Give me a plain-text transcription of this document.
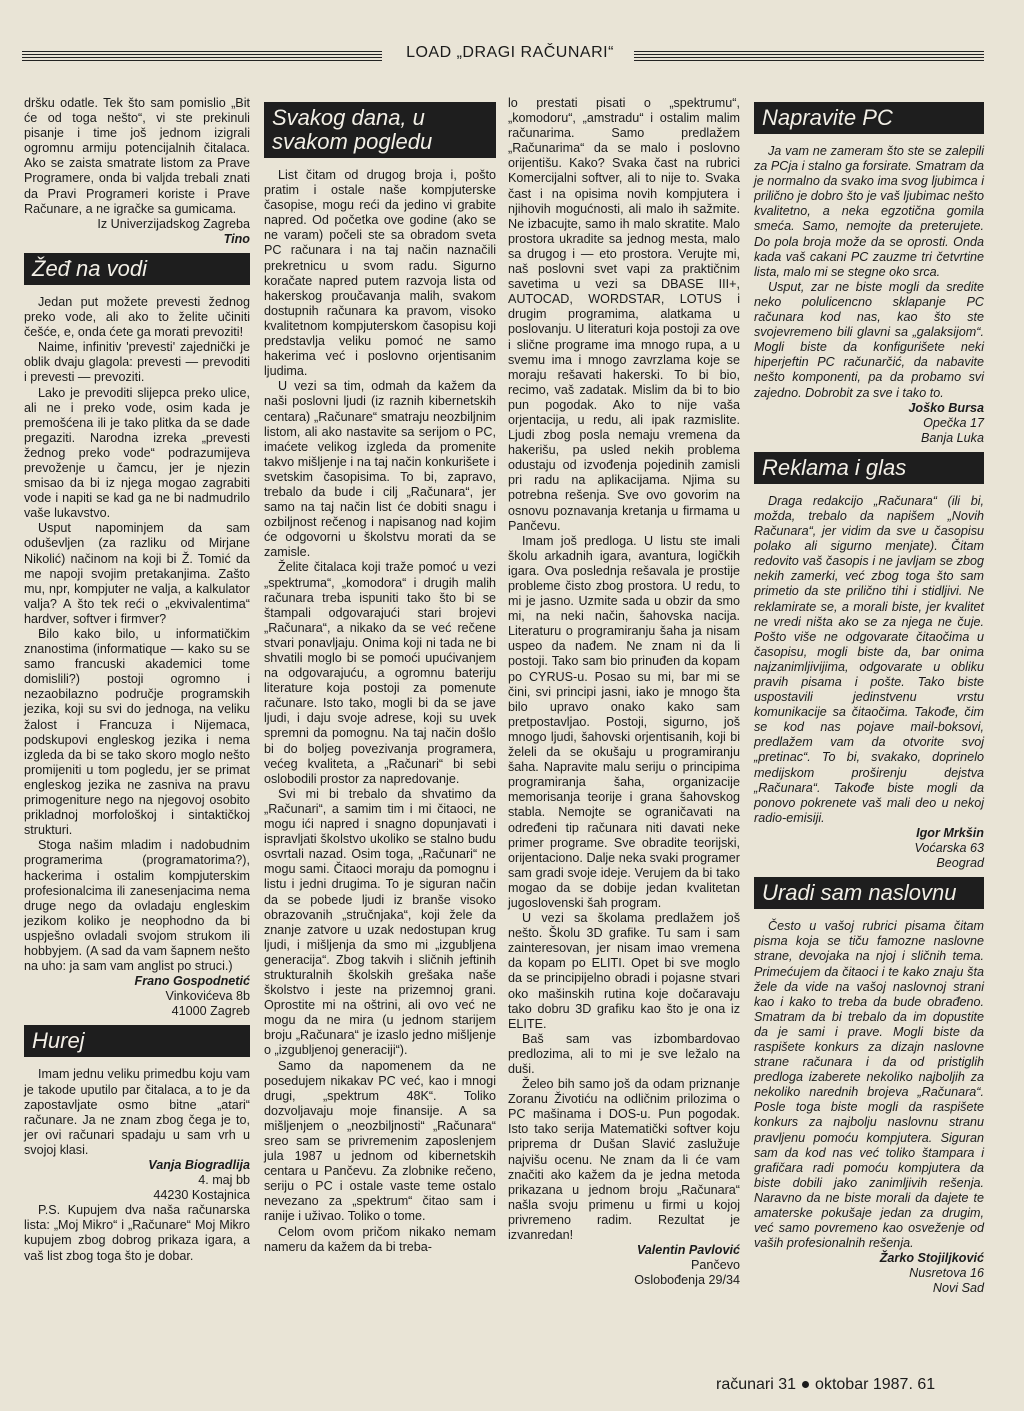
LOAD „DRAGI RAČUNARI“

dršku odatle. Tek što sam pomislio „Bit će od toga nešto“, vi ste prekinuli pisanje i time još jednom izigrali ogromnu armiju potencijalnih čitalaca. Ako se zaista smatrate listom za Prave Programere, onda bi valjda trebali znati da Pravi Programeri koriste i Prave Računare, a ne igračke sa gumicama.

Iz Univerzijadskog Zagreba

Tino

Žeđ na vodi

Jedan put možete prevesti žednog preko vode, ali ako to želite učiniti češće, e, onda ćete ga morati prevoziti!

Naime, infinitiv 'prevesti' zajednički je oblik dvaju glagola: prevesti — prevoditi i prevesti — prevoziti.

Lako je prevoditi slijepca preko ulice, ali ne i preko vode, osim kada je premošćena ili je tako plitka da se dade pregaziti. Narodna izreka „prevesti žednog preko vode“ podrazumijeva prevoženje u čamcu, jer je njezin smisao da bi iz njega mogao zagrabiti vode i napiti se kad ga ne bi nadmudrilo vaše lukavstvo.

Usput napominjem da sam oduševljen (za razliku od Mirjane Nikolić) načinom na koji bi Ž. Tomić da me napoji svojim pretakanjima. Zašto mu, npr, kompjuter ne valja, a kalkulator valja? A što tek reći o „ekvivalentima“ hardver, softver i firmver?

Bilo kako bilo, u informatičkim znanostima (informatique — kako su se samo francuski akademici tome domislili?) postoji ogromno i nezaobilazno područje programskih jezika, koji su svi do jednoga, na veliku žalost i Francuza i Nijemaca, podskupovi engleskog jezika i nema izgleda da bi se tako skoro moglo nešto promijeniti u tom pogledu, jer se primat engleskog jezika ne zasniva na pravu primogeniture nego na njegovoj osobito prikladnoj morfološkoj i sintaktičkoj strukturi.

Stoga našim mladim i nadobudnim programerima (programatorima?), hackerima i ostalim kompjuterskim profesionalcima ili zanesenjacima nema druge nego da ovladaju engleskim jezikom koliko je neophodno da bi uspješno ovladali svojom strukom ili hobbyjem. (A sad da vam šapnem nešto na uho: ja sam vam anglist po struci.)

Frano Gospodnetić

Vinkovićeva 8b

41000 Zagreb

Hurej

Imam jednu veliku primedbu koju vam je takode uputilo par čitalaca, a to je da zapostavljate osmo bitne „atari“ računare. Ja ne znam zbog čega je to, jer ovi računari spadaju u sam vrh u svojoj klasi.

Vanja Biogradlija

4. maj bb

44230 Kostajnica

P.S. Kupujem dva naša računarska lista: „Moj Mikro“ i „Računare“ Moj Mikro kupujem zbog dobrog prikaza igara, a vaš list zbog toga što je dobar.

Svakog dana, u svakom pogledu

List čitam od drugog broja i, pošto pratim i ostale naše kompjuterske časopise, mogu reći da jedino vi grabite napred. Od početka ove godine (ako se ne varam) počeli ste sa obradom sveta PC računara i na taj način naznačili prekretnicu u svom radu. Sigurno koračate napred putem razvoja lista od hakerskog proučavanja malih, svakom dostupnih računara ka pravom, visoko kvalitetnom kompjuterskom časopisu koji predstavlja veliku pomoć ne samo hakerima već i poslovno orjentisanim ljudima.

U vezi sa tim, odmah da kažem da naši poslovni ljudi (iz raznih kibernetskih centara) „Računare“ smatraju neozbiljnim listom, ali ako nastavite sa serijom o PC, imaćete velikog izgleda da promenite takvo mišljenje i na taj način konkurišete i svetskim časopisima. To bi, zapravo, trebalo da bude i cilj „Računara“, jer samo na taj način list će dobiti snagu i ozbiljnost rečenog i napisanog nad kojim će odgovorni u školstvu morati da se zamisle.

Želite čitalaca koji traže pomoć u vezi „spektruma“, „komodora“ i drugih malih računara treba ispuniti tako što bi se štampali odgovarajući stari brojevi „Računara“, a nikako da se već rečene stvari ponavljaju. Onima koji ni tada ne bi shvatili moglo bi se pomoći upućivanjem na odgovarajuću, a ogromnu bateriju literature koja postoji za pomenute računare. Isto tako, mogli bi da se jave ljudi, i daju svoje adrese, koji su uvek spremni da pomognu. Na taj način došlo bi do boljeg povezivanja programera, većeg kvaliteta, a „Računari“ bi sebi oslobodili prostor za napredovanje.

Svi mi bi trebalo da shvatimo da „Računari“, a samim tim i mi čitaoci, ne mogu ići napred i snagno dopunjavati i ispravljati školstvo ukoliko se stalno budu osvrtali nazad. Osim toga, „Računari“ ne mogu sami. Čitaoci moraju da pomognu i listu i jedni drugima. To je siguran način da se pobede ljudi iz branše visoko obrazovanih „stručnjaka“, koji žele da znanje zatvore u uzak nedostupan krug ljudi, i mišljenja da smo mi „izgubljena generacija“. Zbog takvih i sličnih jeftinih strukturalnih školskih grešaka naše školstvo i jeste na prizemnoj grani. Oprostite mi na oštrini, ali ovo već ne mogu da ne mira (u jednom starijem broju „Računara“ je izaslo jedno mišljenje o „izgubljenoj generaciji“).

Samo da napomenem da ne posedujem nikakav PC već, kao i mnogi drugi, „spektrum 48K“. Toliko dozvoljavaju moje finansije. A sa mišljenjem o „neozbiljnosti“ „Računara“ sreo sam se privremenim zaposlenjem jula 1987 u jednom od kibernetskih centara u Pančevu. Za zlobnike rečeno, seriju o PC i ostale vaste teme ostalo nevezano za „spektrum“ čitao sam i ranije i uživao. Toliko o tome.

Celom ovom pričom nikako nemam nameru da kažem da bi treba-

lo prestati pisati o „spektrumu“, „komodoru“, „amstradu“ i ostalim malim računarima. Samo predlažem „Računarima“ da se malo i poslovno orijentišu. Kako? Svaka čast na rubrici Komercijalni softver, ali to nije to. Svaka čast i na opisima novih kompjutera i njihovih mogućnosti, ali malo ih sažmite. Ne izbacujte, samo ih malo skratite. Malo prostora ukradite sa jednog mesta, malo sa drugog i — eto prostora. Verujte mi, naš poslovni svet vapi za praktičnim savetima u vezi sa DBASE III+, AUTOCAD, WORDSTAR, LOTUS i drugim programima, alatkama u poslovanju. U literaturi koja postoji za ove i slične programe ima mnogo rupa, a u svemu ima i mnogo zavrzlama koje se moraju rešavati hakerski. To bi bio, recimo, vaš zadatak. Mislim da bi to bio pun pogodak. Ako to nije vaša orjentacija, u redu, ali ipak razmislite. Ljudi zbog posla nemaju vremena da hakerišu, pa usled nekih problema odustaju od izvođenja pojedinih zamisli pri radu na aplikacijama. Njima su potrebna rešenja. Sve ovo govorim na osnovu poznavanja kretanja u firmama u Pančevu.

Imam još predloga. U listu ste imali školu arkadnih igara, avantura, logičkih igara. Ova poslednja rešavala je prostije probleme čisto zbog prostora. U redu, to mi je jasno. Uzmite sada u obzir da smo mi, na neki način, šahovska nacija. Literaturu o programiranju šaha ja nisam uspeo da nađem. Ne znam ni da li postoji. Tako sam bio prinuđen da kopam po CYRUS-u. Posao su mi, bar mi se čini, svi principi jasni, iako je mnogo šta bilo upravo onako kako sam pretpostavljao. Postoji, sigurno, još mnogo ljudi, šahovski orjentisanih, koji bi želeli da se okušaju u programiranju šaha. Napravite malu seriju o principima programiranja šaha, organizacije memorisanja teorije i grana šahovskog stabla. Nemojte se ograničavati na određeni tip računara niti davati neke primer programe. Sve obradite teorijski, orijentaciono. Dalje neka svaki programer sam gradi svoje ideje. Verujem da bi tako mogao da se dobije jedan kvalitetan jugoslovenski šah program.

U vezi sa školama predlažem još nešto. Školu 3D grafike. Tu sam i sam zainteresovan, jer nisam imao vremena da kopam po ELITI. Opet bi sve moglo da se principijelno obradi i pojasne stvari oko mašinskih rutina koje dočaravaju tako dobru 3D grafiku kao što je ona iz ELITE.

Baš sam vas izbombardovao predlozima, ali to mi je sve ležalo na duši.

Želeo bih samo još da odam priznanje Zoranu Životiću na odličnim prilozima o PC mašinama i DOS-u. Pun pogodak. Isto tako serija Matematički softver koju priprema dr Dušan Slavić zaslužuje najvišu ocenu. Ne znam da li će vam značiti ako kažem da je jedna metoda prikazana u jednom broju „Računara“ našla svoju primenu u firmi u kojoj privremeno radim. Rezultat je izvanredan!

Valentin Pavlović

Pančevo

Oslobođenja 29/34

Napravite PC

Ja vam ne zameram što ste se zalepili za PCja i stalno ga forsirate. Smatram da je normalno da svako ima svog ljubimca i prilično je dobro što je vaš ljubimac nešto kvalitetno, a neka egzotična gomila smeća. Samo, nemojte da preterujete. Do pola broja može da se oprosti. Onda kada vaš cakani PC zauzme tri četvrtine lista, malo mi se stegne oko srca.

Usput, zar ne biste mogli da sredite neko polulicencno sklapanje PC računara kod nas, kao što ste svojevremeno bili glavni sa „galaksijom“. Mogli biste da konfigurišete neki hiperjeftin PC računarčić, da nabavite nešto komponenti, pa da probamo svi zajedno. Dobrobit za sve i tako to.

Joško Bursa

Opečka 17

Banja Luka

Reklama i glas

Draga redakcijo „Računara“ (ili bi, možda, trebalo da napišem „Novih Računara“, jer vidim da sve u časopisu polako ali sigurno menjate). Čitam redovito vaš časopis i ne javljam se zbog nekih zamerki, već zbog toga što sam primetio da ste prilično tihi i stidljivi. Ne reklamirate se, a morali biste, jer kvalitet ne vredi ništa ako se za njega ne čuje. Pošto više ne odgovarate čitaočima u časopisu, mogli biste da, bar onima najzanimljivijima, odgovarate u obliku pravih pisama i pošte. Tako biste uspostavili jedinstvenu vrstu komunikacije sa čitaočima. Takođe, čim se kod nas pojave mail-boksovi, predlažem vam da otvorite svoj „pretinac“. To bi, svakako, doprinelo medijskom proširenju dejstva „Računara“. Takođe biste mogli da ponovo pokrenete vaš mali deo u nekoj radio-emisiji.

Igor Mrkšin

Voćarska 63

Beograd

Uradi sam naslovnu

Često u vašoj rubrici pisama čitam pisma koja se tiču famozne naslovne strane, devojaka na njoj i sličnih tema. Primećujem da čitaoci i te kako znaju šta žele da vide na vašoj naslovnoj strani kao i kako to treba da bude obrađeno. Smatram da bi trebalo da im dopustite da je sami i prave. Mogli biste da raspišete konkurs za dizajn naslovne strane računara i da od pristiglih predloga izaberete nekoliko najboljih za nekoliko narednih brojeva „Računara“. Posle toga biste mogli da raspišete konkurs za najbolju naslovnu stranu pravljenu pomoću kompjutera. Siguran sam da kod nas već toliko štampara i grafičara radi pomoću kompjutera da biste dobili jako zanimljivih rešenja. Naravno da ne biste morali da dajete te amaterske pokušaje jedan za drugim, već samo povremeno kao osveženje od vaših profesionalnih rešenja.

Žarko Stojiljković

Nusretova 16

Novi Sad

računari 31 oktobar 1987. 61
